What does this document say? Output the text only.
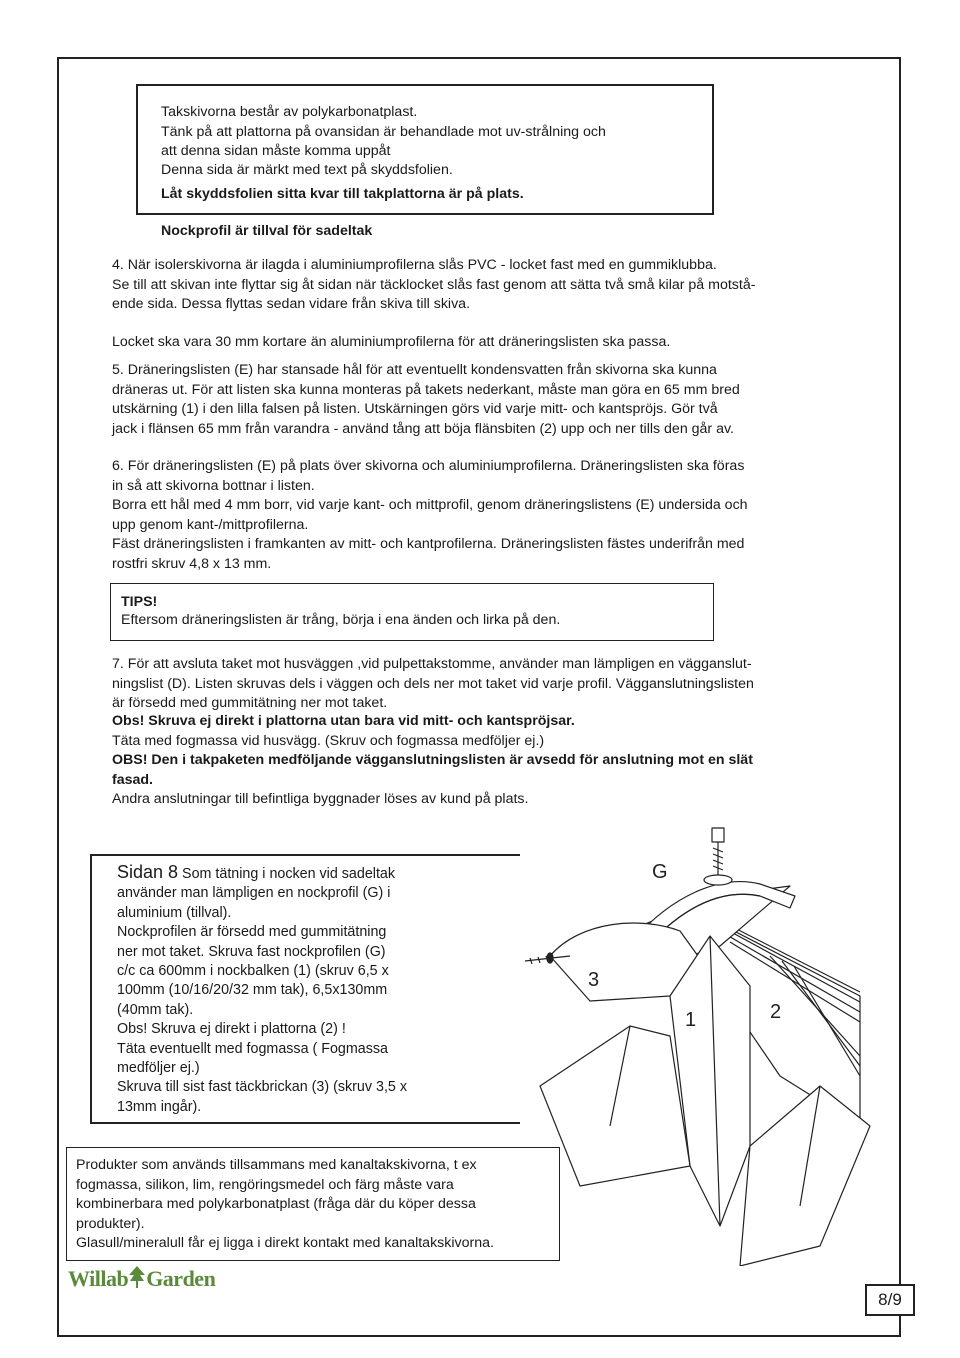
Takskivorna består av polykarbonatplast.

Tänk på att plattorna på ovansidan är behandlade mot uv-strålning och

att denna sidan måste komma uppåt

Denna sida är märkt med text på skyddsfolien.

Låt skyddsfolien sitta kvar till takplattorna är på plats.

Nockprofil är tillval för sadeltak

4. När isolerskivorna är ilagda i aluminiumprofilerna slås PVC - locket fast med en gummiklubba.
Se till att skivan inte flyttar sig åt sidan när täcklocket slås fast genom att sätta två små kilar på motstå-
ende sida. Dessa flyttas sedan vidare från skiva till skiva.

Locket ska vara 30 mm kortare än aluminiumprofilerna för att dräneringslisten ska passa.

5. Dräneringslisten (E) har stansade hål för att eventuellt kondensvatten från skivorna ska kunna
dräneras ut. För att listen ska kunna monteras på takets nederkant, måste man göra en 65 mm bred
utskärning (1) i den lilla falsen på listen. Utskärningen görs vid varje mitt- och kantspröjs. Gör två
jack i flänsen 65 mm från varandra - använd tång att böja flänsbiten (2) upp och ner tills den går av.

6. För dräneringslisten (E) på plats över skivorna och aluminiumprofilerna. Dräneringslisten ska föras
in så att skivorna bottnar i listen.
Borra ett hål med 4 mm borr, vid varje kant- och mittprofil, genom dräneringslistens (E) undersida och
upp genom kant-/mittprofilerna.
Fäst dräneringslisten i framkanten av mitt- och kantprofilerna. Dräneringslisten fästes underifrån med
rostfri skruv 4,8 x 13 mm.

TIPS!

Eftersom dräneringslisten är trång, börja i ena änden och lirka på den.

7. För att avsluta taket mot husväggen ,vid pulpettakstomme, använder man lämpligen en vägganslut-
ningslist (D). Listen skruvas dels i väggen och dels ner mot taket vid varje profil. Vägganslutningslisten
är försedd med gummitätning ner mot taket.

Obs! Skruva ej direkt i plattorna utan bara vid mitt- och kantspröjsar.

Täta med fogmassa vid husvägg. (Skruv och fogmassa medföljer ej.)

OBS! Den i takpaketen medföljande vägganslutningslisten är avsedd för anslutning mot en slät
fasad.

Andra anslutningar till befintliga byggnader löses av kund på plats.

Sidan 8 Som tätning i nocken vid sadeltak
använder man lämpligen en nockprofil (G) i
aluminium (tillval).
Nockprofilen är försedd med gummitätning
ner mot taket. Skruva fast nockprofilen (G)
c/c ca 600mm i nockbalken (1) (skruv 6,5 x
100mm (10/16/20/32 mm tak), 6,5x130mm
(40mm tak).
Obs! Skruva ej direkt i plattorna (2) !
Täta eventuellt med fogmassa ( Fogmassa
medföljer ej.)
Skruva till sist fast täckbrickan (3) (skruv 3,5 x
13mm ingår).

G
3
1	2

Produkter som används tillsammans med kanaltakskivorna, t ex
fogmassa, silikon, lim, rengöringsmedel och färg måste vara
kombinerbara med polykarbonatplast (fråga där du köper dessa
produkter).
Glasull/mineralull får ej ligga i direkt kontakt med kanaltakskivorna.

Willab Garden
8/9
